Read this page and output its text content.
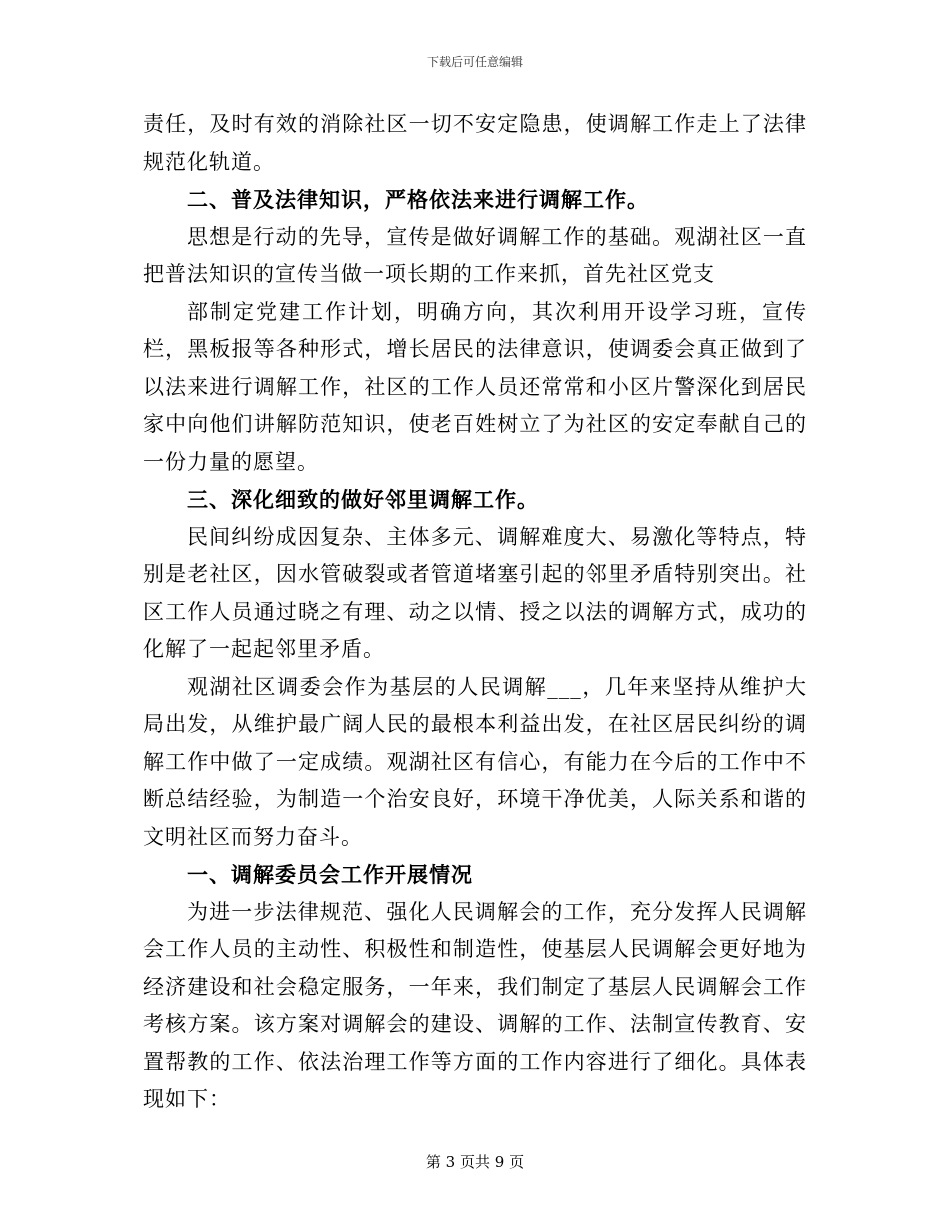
下载后可任意编辑

责任，及时有效的消除社区一切不安定隐患，使调解工作走上了法律规范化轨道。

二、普及法律知识，严格依法来进行调解工作。

思想是行动的先导，宣传是做好调解工作的基础。观湖社区一直把普法知识的宣传当做一项长期的工作来抓，首先社区党支

部制定党建工作计划，明确方向，其次利用开设学习班，宣传栏，黑板报等各种形式，增长居民的法律意识，使调委会真正做到了以法来进行调解工作，社区的工作人员还常常和小区片警深化到居民家中向他们讲解防范知识，使老百姓树立了为社区的安定奉献自己的一份力量的愿望。

三、深化细致的做好邻里调解工作。

民间纠纷成因复杂、主体多元、调解难度大、易激化等特点，特别是老社区，因水管破裂或者管道堵塞引起的邻里矛盾特别突出。社区工作人员通过晓之有理、动之以情、授之以法的调解方式，成功的化解了一起起邻里矛盾。

观湖社区调委会作为基层的人民调解___，几年来坚持从维护大局出发，从维护最广阔人民的最根本利益出发，在社区居民纠纷的调解工作中做了一定成绩。观湖社区有信心，有能力在今后的工作中不断总结经验，为制造一个治安良好，环境干净优美，人际关系和谐的文明社区而努力奋斗。

一、调解委员会工作开展情况

为进一步法律规范、强化人民调解会的工作，充分发挥人民调解会工作人员的主动性、积极性和制造性，使基层人民调解会更好地为经济建设和社会稳定服务，一年来，我们制定了基层人民调解会工作考核方案。该方案对调解会的建设、调解的工作、法制宣传教育、安置帮教的工作、依法治理工作等方面的工作内容进行了细化。具体表现如下：

第 3 页共 9 页
